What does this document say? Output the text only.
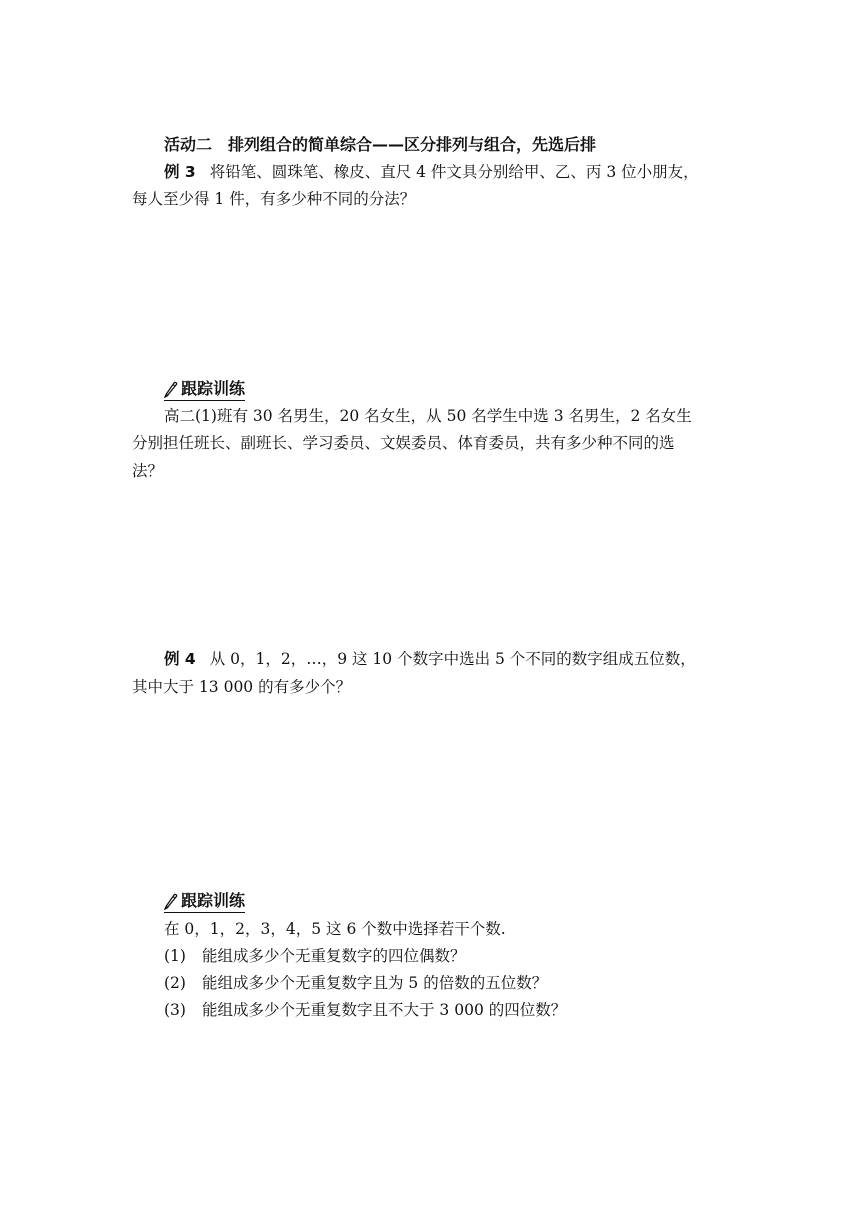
活动二　排列组合的简单综合——区分排列与组合，先选后排
例 3 将铅笔、圆珠笔、橡皮、直尺 4 件文具分别给甲、乙、丙 3 位小朋友，
每人至少得 1 件，有多少种不同的分法？
跟踪训练
高二(1)班有 30 名男生，20 名女生，从 50 名学生中选 3 名男生，2 名女生
分别担任班长、副班长、学习委员、文娱委员、体育委员，共有多少种不同的选
法？
例 4 从 0，1，2，…，9 这 10 个数字中选出 5 个不同的数字组成五位数，
其中大于 13 000 的有多少个？
跟踪训练
在 0，1，2，3，4，5 这 6 个数中选择若干个数.
(1) 能组成多少个无重复数字的四位偶数？
(2) 能组成多少个无重复数字且为 5 的倍数的五位数？
(3) 能组成多少个无重复数字且不大于 3 000 的四位数？
